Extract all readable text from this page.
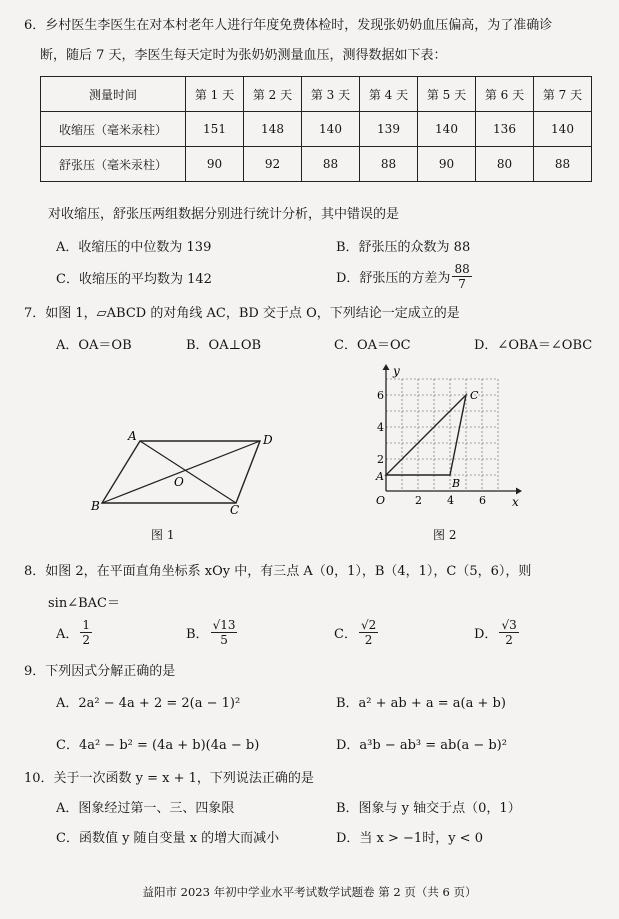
6．乡村医生李医生在对本村老年人进行年度免费体检时，发现张奶奶血压偏高，为了准确诊
断，随后 7 天，李医生每天定时为张奶奶测量血压，测得数据如下表：
测量时间	第 1 天	第 2 天	第 3 天	第 4 天	第 5 天	第 6 天	第 7 天
收缩压（毫米汞柱）	151	148	140	139	140	136	140
舒张压（毫米汞柱）	90	92	88	88	90	80	88
对收缩压，舒张压两组数据分别进行统计分析，其中错误的是
A．收缩压的中位数为 139	B．舒张压的众数为 88
C．收缩压的平均数为 142	D．舒张压的方差为 $\frac{88}{7}$
7．如图 1，▱ABCD 的对角线 AC，BD 交于点 O，下列结论一定成立的是
A．OA＝OB	B．OA⊥OB	C．OA＝OC	D．∠OBA＝∠OBC
A	D
B	C
O
图 1
x
y
O	2 4 6
2
4
6
A
B
C
图 2
8．如图 2，在平面直角坐标系 xOy 中，有三点 A（0，1），B（4，1），C（5，6），则
sin∠BAC＝
A． $\frac{1}{2}$	B． $\frac{√13}{5}$	C． $\frac{√2}{2}$	D． $\frac{√3}{2}$
9．下列因式分解正确的是
A．2a² − 4a + 2 = 2(a − 1)²	B．a² + ab + a = a(a + b)
C．4a² − b² = (4a + b)(4a − b)	D．a³b − ab³ = ab(a − b)²
10．关于一次函数 y = x + 1，下列说法正确的是
A．图象经过第一、三、四象限	B．图象与 y 轴交于点（0，1）
C．函数值 y 随自变量 x 的增大而减小	D．当 x > −1时，y < 0
益阳市 2023 年初中学业水平考试数学试题卷 第 2 页（共 6 页）
